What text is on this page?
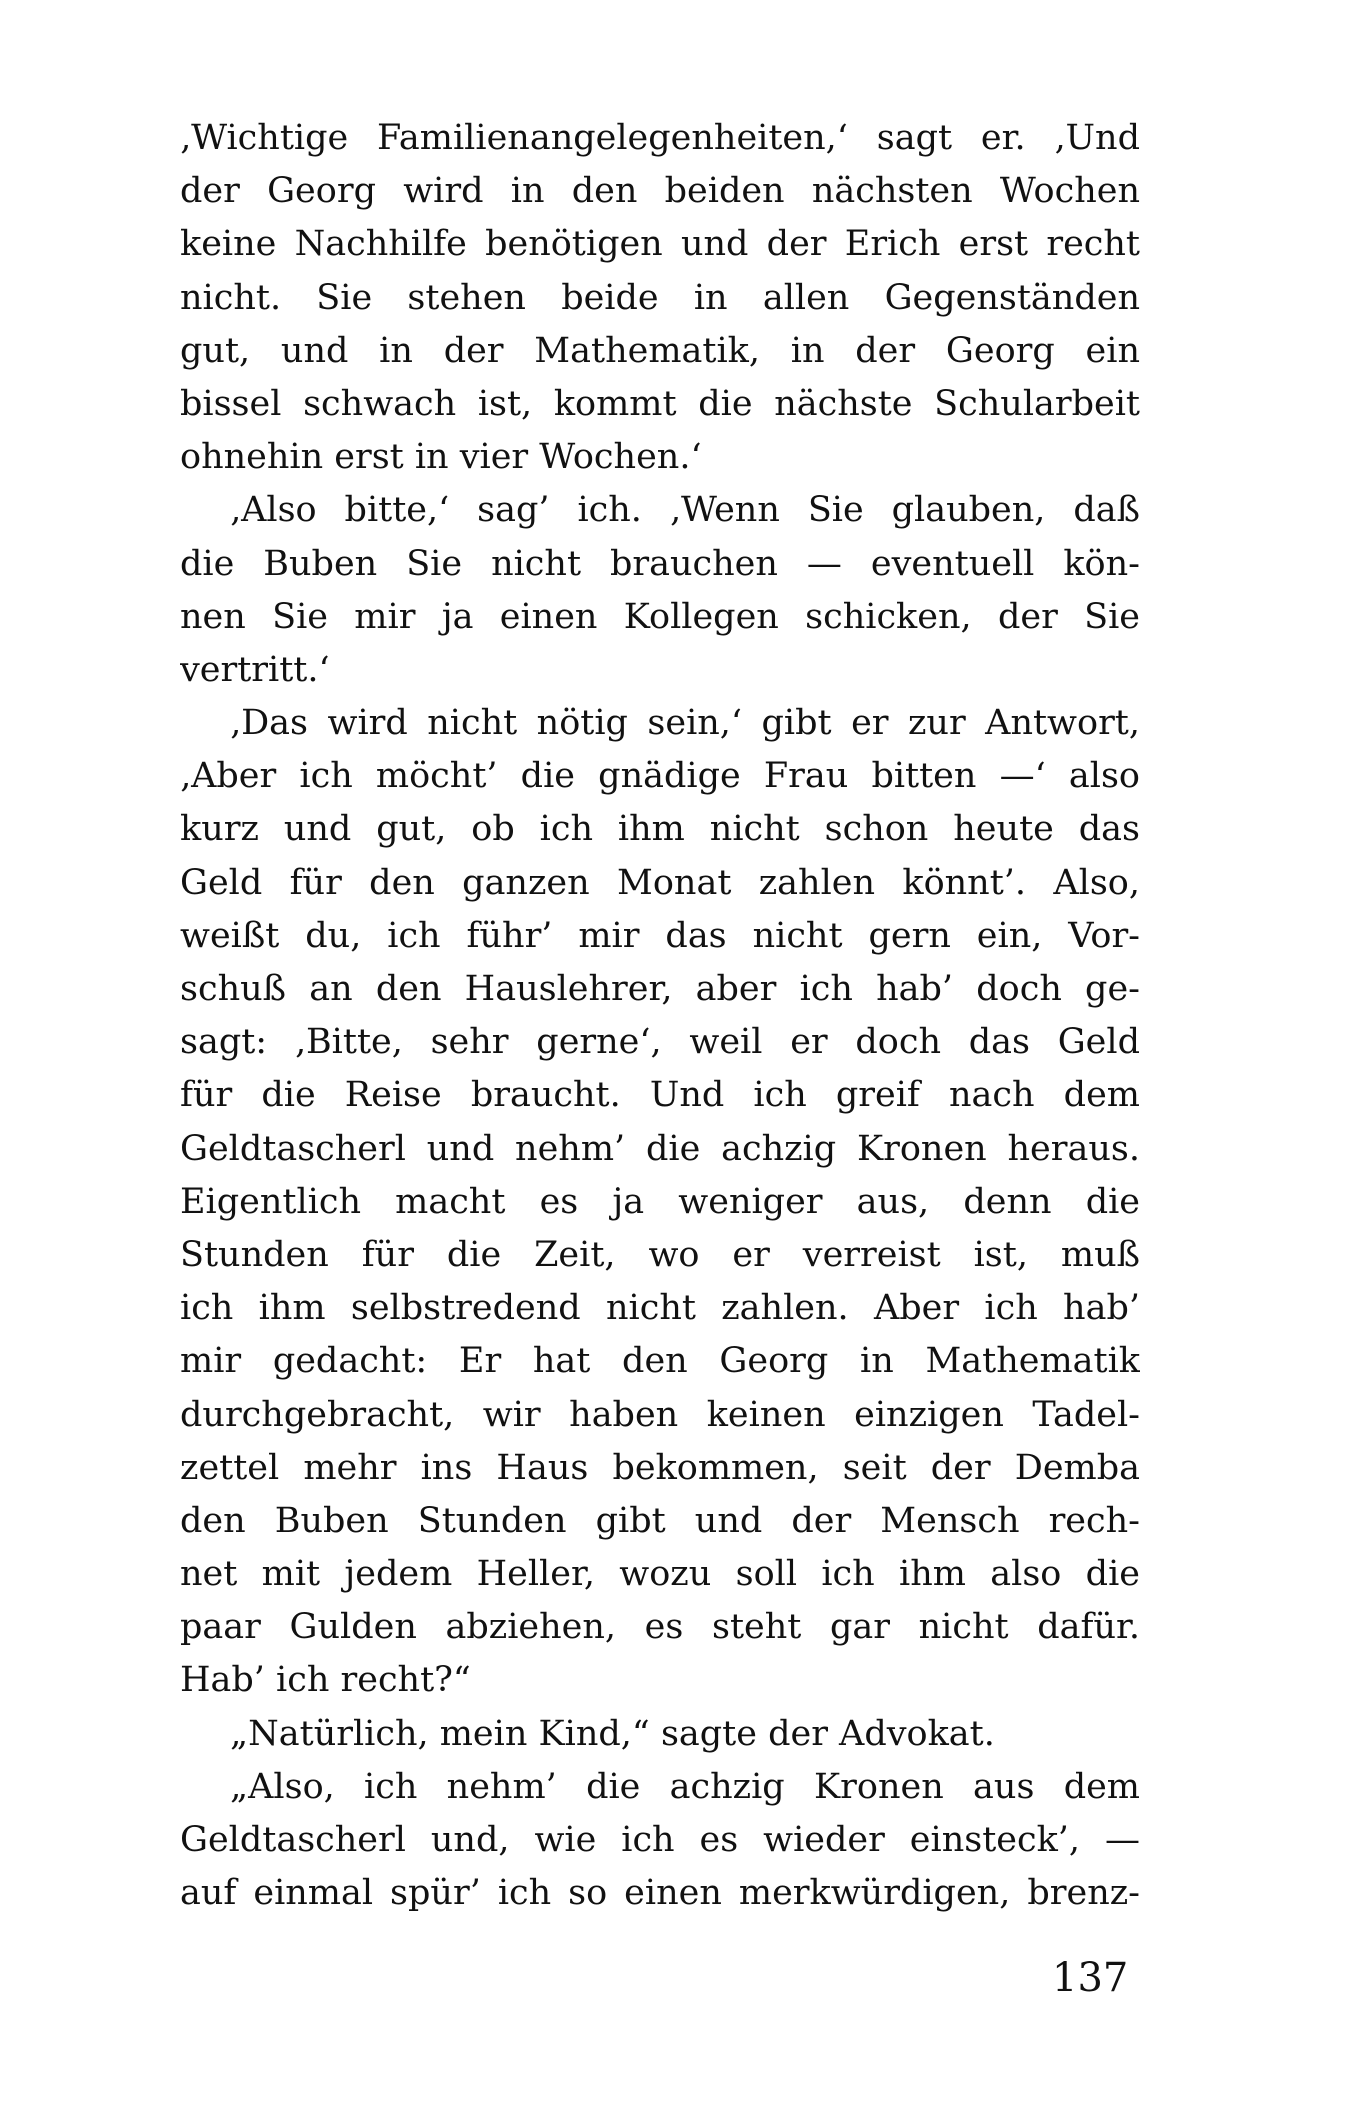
‚Wichtige Familienangelegenheiten,‘ sagt er. ‚Und
der Georg wird in den beiden nächsten Wochen
keine Nachhilfe benötigen und der Erich erst recht
nicht. Sie stehen beide in allen Gegenständen
gut, und in der Mathematik, in der Georg ein
bissel schwach ist, kommt die nächste Schularbeit
ohnehin erst in vier Wochen.‘
‚Also bitte,‘ sag’ ich. ‚Wenn Sie glauben, daß
die Buben Sie nicht brauchen — eventuell kön-
nen Sie mir ja einen Kollegen schicken, der Sie
vertritt.‘
‚Das wird nicht nötig sein,‘ gibt er zur Antwort,
‚Aber ich möcht’ die gnädige Frau bitten —‘ also
kurz und gut, ob ich ihm nicht schon heute das
Geld für den ganzen Monat zahlen könnt’. Also,
weißt du, ich führ’ mir das nicht gern ein, Vor-
schuß an den Hauslehrer, aber ich hab’ doch ge-
sagt: ‚Bitte, sehr gerne‘, weil er doch das Geld
für die Reise braucht. Und ich greif nach dem
Geldtascherl und nehm’ die achzig Kronen heraus.
Eigentlich macht es ja weniger aus, denn die
Stunden für die Zeit, wo er verreist ist, muß
ich ihm selbstredend nicht zahlen. Aber ich hab’
mir gedacht: Er hat den Georg in Mathematik
durchgebracht, wir haben keinen einzigen Tadel-
zettel mehr ins Haus bekommen, seit der Demba
den Buben Stunden gibt und der Mensch rech-
net mit jedem Heller, wozu soll ich ihm also die
paar Gulden abziehen, es steht gar nicht dafür.
Hab’ ich recht?“
„Natürlich, mein Kind,“ sagte der Advokat.
„Also, ich nehm’ die achzig Kronen aus dem
Geldtascherl und, wie ich es wieder einsteck’, —
auf einmal spür’ ich so einen merkwürdigen, brenz-
137
